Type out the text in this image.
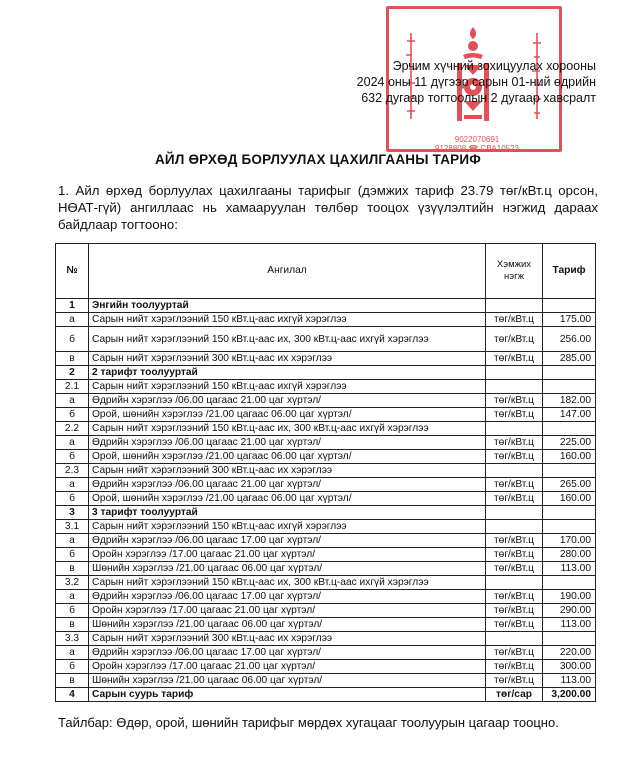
9022070691
9128808 ☎ СВА10523
Эрчим хүчний зохицуулах хорооны
2024 оны 11 дүгээр сарын 01-ний өдрийн
632 дугаар тогтоолын 2 дугаар хавсралт
АЙЛ ӨРХӨД БОРЛУУЛАХ ЦАХИЛГААНЫ ТАРИФ
1. Айл өрхөд борлуулах цахилгааны тарифыг (дэмжих тариф 23.79 төг/кВт.ц орсон, НӨАТ-гүй) ангиллаас нь хамааруулан төлбөр тооцох үзүүлэлтийн нэгжид дараах байдлаар тогтооно:
№	Ангилал	Хэмжих нэгж	Тариф
1	Энгийн тоолууртай		
а	Сарын нийт хэрэглээний 150 кВт.ц-аас ихгүй хэрэглээ	төг/кВт.ц	175.00
б	Сарын нийт хэрэглээний 150 кВт.ц-аас их, 300 кВт.ц-аас ихгүй хэрэглээ	төг/кВт.ц	256.00
в	Сарын нийт хэрэглээний 300 кВт.ц-аас их хэрэглээ	төг/кВт.ц	285.00
2	2 тарифт тоолууртай		
2.1	Сарын нийт хэрэглээний 150 кВт.ц-аас ихгүй хэрэглээ		
а	Өдрийн хэрэглээ /06.00 цагаас 21.00 цаг хүртэл/	төг/кВт.ц	182.00
б	Орой, шөнийн хэрэглээ /21.00 цагаас 06.00 цаг хүртэл/	төг/кВт.ц	147.00
2.2	Сарын нийт хэрэглээний 150 кВт.ц-аас их, 300 кВт.ц-аас ихгүй хэрэглээ		
а	Өдрийн хэрэглээ /06.00 цагаас 21.00 цаг хүртэл/	төг/кВт.ц	225.00
б	Орой, шөнийн хэрэглээ /21.00 цагаас 06.00 цаг хүртэл/	төг/кВт.ц	160.00
2.3	Сарын нийт хэрэглээний 300 кВт.ц-аас их хэрэглээ		
а	Өдрийн хэрэглээ /06.00 цагаас 21.00 цаг хүртэл/	төг/кВт.ц	265.00
б	Орой, шөнийн хэрэглээ /21.00 цагаас 06.00 цаг хүртэл/	төг/кВт.ц	160.00
3	3 тарифт тоолууртай		
3.1	Сарын нийт хэрэглээний 150 кВт.ц-аас ихгүй хэрэглээ		
а	Өдрийн хэрэглээ /06.00 цагаас 17.00 цаг хүртэл/	төг/кВт.ц	170.00
б	Оройн хэрэглээ /17.00 цагаас 21.00 цаг хүртэл/	төг/кВт.ц	280.00
в	Шөнийн хэрэглээ /21.00 цагаас 06.00 цаг хүртэл/	төг/кВт.ц	113.00
3.2	Сарын нийт хэрэглээний 150 кВт.ц-аас их, 300 кВт.ц-аас ихгүй хэрэглээ		
а	Өдрийн хэрэглээ /06.00 цагаас 17.00 цаг хүртэл/	төг/кВт.ц	190.00
б	Оройн хэрэглээ /17.00 цагаас 21.00 цаг хүртэл/	төг/кВт.ц	290.00
в	Шөнийн хэрэглээ /21.00 цагаас 06.00 цаг хүртэл/	төг/кВт.ц	113.00
3.3	Сарын нийт хэрэглээний 300 кВт.ц-аас их хэрэглээ		
а	Өдрийн хэрэглээ /06.00 цагаас 17.00 цаг хүртэл/	төг/кВт.ц	220.00
б	Оройн хэрэглээ /17.00 цагаас 21.00 цаг хүртэл/	төг/кВт.ц	300.00
в	Шөнийн хэрэглээ /21.00 цагаас 06.00 цаг хүртэл/	төг/кВт.ц	113.00
4	Сарын суурь тариф	төг/сар	3,200.00
Тайлбар: Өдөр, орой, шөнийн тарифыг мөрдөх хугацааг тоолуурын цагаар тооцно.
